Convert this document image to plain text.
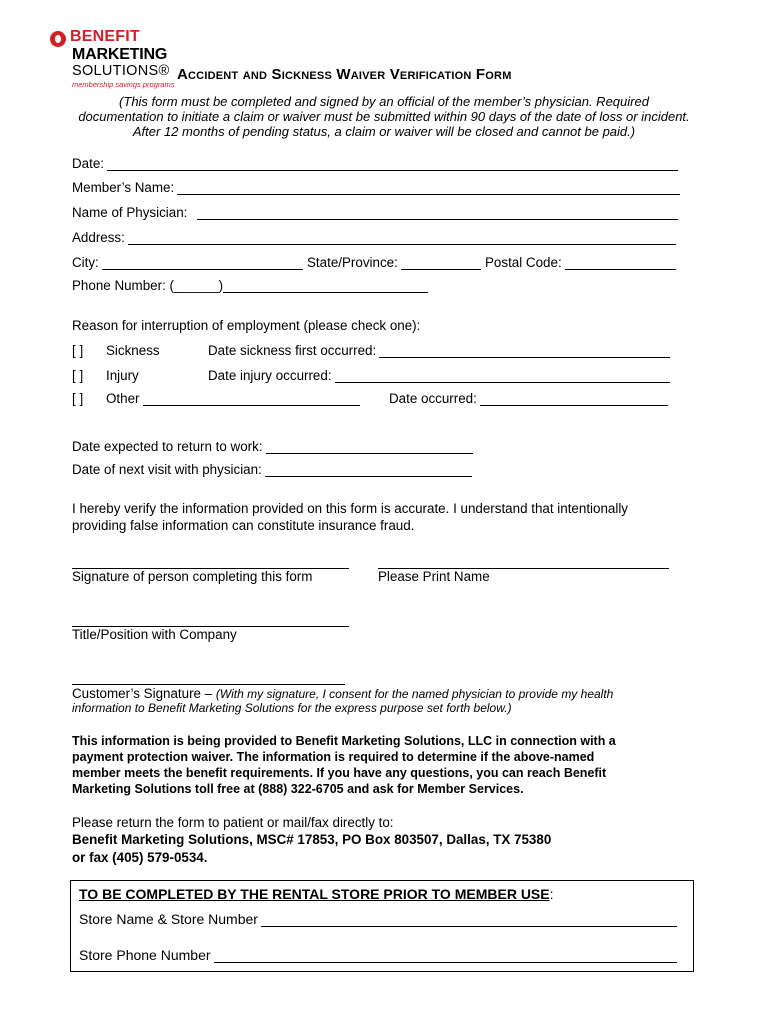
BENEFIT
MARKETING
SOLUTIONS®
membership savings programs
Accident and Sickness Waiver Verification Form
(This form must be completed and signed by an official of the member’s physician. Required
documentation to initiate a claim or waiver must be submitted within 90 days of the date of loss or incident.
After 12 months of pending status, a claim or waiver will be closed and cannot be paid.)
Date:
Member’s Name:
Name of Physician:
Address:
City:	State/Province:	Postal Code:
Phone Number: (______)
Reason for interruption of employment (please check one):
[ ] Sickness	Date sickness first occurred:
[ ] Injury	Date injury occurred:
[ ] Other	Date occurred:
Date expected to return to work:
Date of next visit with physician:
I hereby verify the information provided on this form is accurate. I understand that intentionally
providing false information can constitute insurance fraud.
Signature of person completing this form	Please Print Name
Title/Position with Company
Customer’s Signature – (With my signature, I consent for the named physician to provide my health
information to Benefit Marketing Solutions for the express purpose set forth below.)
This information is being provided to Benefit Marketing Solutions, LLC in connection with a
payment protection waiver. The information is required to determine if the above-named
member meets the benefit requirements. If you have any questions, you can reach Benefit
Marketing Solutions toll free at (888) 322-6705 and ask for Member Services.
Please return the form to patient or mail/fax directly to:
Benefit Marketing Solutions, MSC# 17853, PO Box 803507, Dallas, TX 75380
or fax (405) 579-0534.
TO BE COMPLETED BY THE RENTAL STORE PRIOR TO MEMBER USE:
Store Name & Store Number
Store Phone Number
